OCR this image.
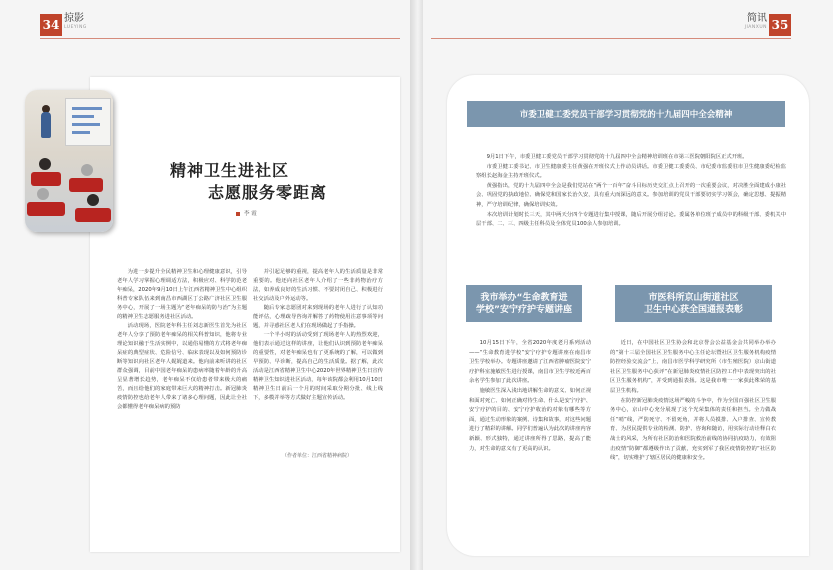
34 掠影
LUEYING	35
简讯
JIANXUN
精神卫生进社区
志愿服务零距离
李 霞

为进一步提升全民精神卫生和心理健康意识，引导老年人学习掌握心理调适方法，积极应对、科学防范老年痴呆，2020年9月10日上午江西省精神卫生中心组织科普专家队伍来到南昌市西湖区丁公路广济社区卫生服务中心，开展了一场主题为“老年痴呆的防与治”为主题的精神卫生志愿服务进社区活动。

活动现场，医院老年科主任刘志新医生首先为社区老年人分享了预防老年痴呆的相关科普知识，他将专业理论知识融于生活实例中，以通俗易懂的方式将老年痴呆症的典型症状、危险信号、临床表现以及如何预防诊断等知识向社区老年人娓娓道来。他向前来听讲的社区群众强调，目前中国老年痴呆的患病率随着年龄的升高呈显著增长趋势，老年痴呆不仅给患者带来极大的痛苦，而且给他们的家庭带来巨大的精神打击。新冠肺炎疫情防控也给老年人带来了诸多心理问题，因此让全社会都懂得老年痴呆病的预防

并引起足够的重视，提高老年人的生活质量是非常重要的。他还向社区老年人介绍了一些非药物治疗方法，如养成良好的生活习惯、不要封闭自己、积极进行社交活动及户外运动等。

随后专家志愿团对来到现场的老年人进行了认知功能评估，心理疏导咨询并解答了药物使用注意事项等问题，并寻惑社区老人们在现场做起了手指操。

一个半小时的活动受到了现场老年人的热烈欢迎，他们表示通过这样的讲座，让他们认识到预防老年痴呆的重要性，对老年痴呆也有了更系统的了解，可以做到早预防、早诊断，提高自己的生活质量。据了解，此次活动是江西省精神卫生中心2020年世界精神卫生日宣传精神卫生知识进社区活动，每年该院都会利用10月10日精神卫生日前后一个月的时间采取分期分批、线上线下，多模并举等方式做好主题宣传活动。

（作者单位：江西省精神病院）
市委卫健工委党员干部学习贯彻党的十九届四中全会精神

9月1日下午，市委卫健工委党员干部学习贯彻党的十九届四中全会精神培训班在市第三医院朝阳院区正式开班。

市委卫健工委书记、市卫生健康委主任黄强在开班仪式上作动员讲话。市委卫健工委委员、市纪委市监委驻市卫生健康委纪检监察组长赵海金主持开班仪式。

黄强指出，党的十九届四中全会是我们党站在“两个一百年”奋斗目标历史交汇点上召开的一次重要会议，对决胜全面建成小康社会、巩固党的执政地位、确保党和国家长治久安，具有重大而深远的意义。参加培训的党员干部要切实学习领会，确定思想、提振精神，严守培训纪律，确保培训实效。

本次培训计划时长三天，其中两天分四个专题进行集中授课，随后开展分组讨论。委属各单位班子成员中的科级干部、委机关中层干部、二、三、四级主任科员及全体党员100余人参加培训。

我市举办“生命教育进
学校”安宁疗护专题讲座
市医科所京山街道社区
卫生中心获全国通报表彰

10月15日下午，全省2020年度老月系列活动——“生命教育进学校”安宁疗护专题讲座在南昌市卫生学校举办。专题讲座邀请了江西省肿瘤医院安宁疗护科室施敏医生进行授课，南昌市卫生学校近两百余名学生参加了此次讲座。

施敏医生深入浅出地讲解生命的意义、如何正视和面对死亡、如何正确对待生命、什么是安宁疗护、安宁疗护的目的、安宁疗护收治的对象有哪些等方面，通过生动形象的案例、诗集和故事，对这些问题进行了精彩的讲解。同学们普遍认为此次的讲座内容新颖、形式独特，通过讲座所得了思路，提高了能力，对生命的意义有了更高的认识。

近日，在中国社区卫生协会和北京誉会公益基金会共同举办举办的“第十三届全国社区卫生服务中心主任论坛暨社区卫生服务机构疫情防控经验交流会”上，南昌市医学科学研究所（市生殖医院）京山街道社区卫生服务中心获评“在新冠肺炎疫情社区防控工作中表现突出的社区卫生服务机构”，并受到通报表扬。这是我市唯一一家获此殊荣的基层卫生机构。

在防控新冠肺炎疫情这场严峻的斗争中，作为全国百强社区卫生服务中心，京山中心充分展现了这个光荣集体的责任和担当。全力做战任“哨”线，严防死守、不留死角，并将人员摸排、入户排查、宣传教育、为居民提供专业的检测、防护、咨询和随访，用实际行动诠释白衣战士的风采，为所有社区防治和医院救治前线的协同抗疫助力，有效阻击疫情“防御”都遵级作出了贡献，充实到军了我区疫情防控的“社区防线”，切实维护了辖区居民的健康和安全。
